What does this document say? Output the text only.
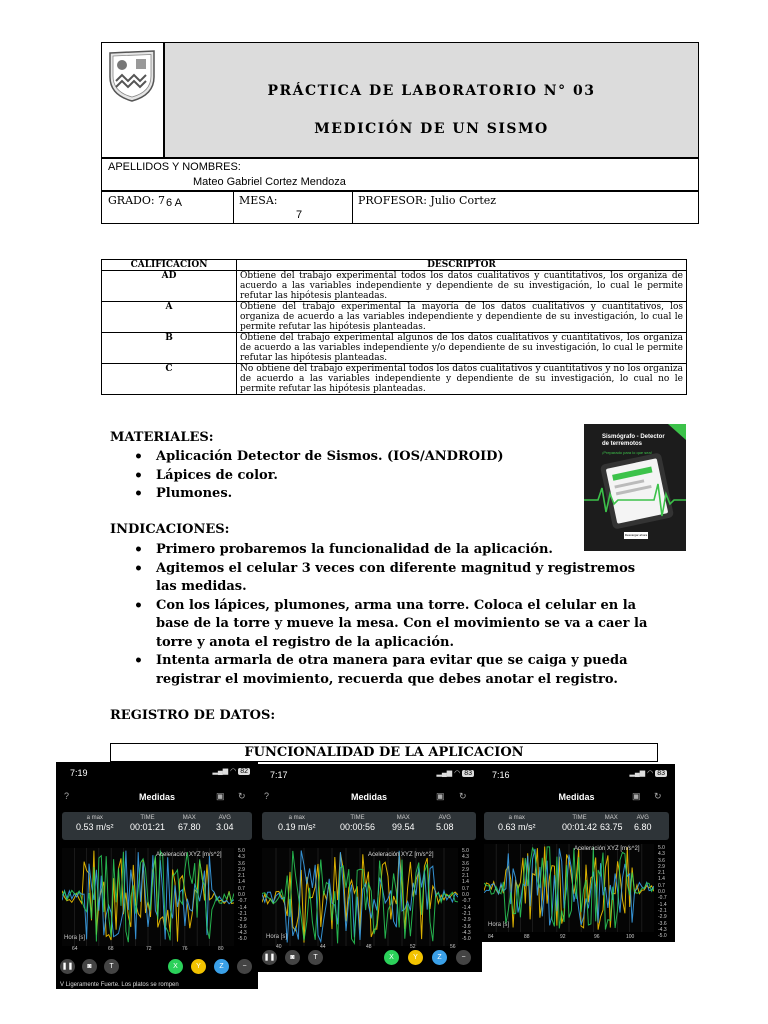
PRÁCTICA DE LABORATORIO N° 03
MEDICIÓN DE UN SISMO
APELLIDOS Y NOMBRES:
Mateo Gabriel Cortez Mendoza
GRADO: 7 6 A	MESA:
7
PROFESOR: Julio Cortez
CALIFICACION	DESCRIPTOR
AD	Obtiene del trabajo experimental todos los datos cualitativos y cuantitativos, los organiza de acuerdo a las variables independiente y dependiente de su investigación, lo cual le permite refutar las hipótesis planteadas.
A	Obtiene del trabajo experimental la mayoría de los datos cualitativos y cuantitativos, los organiza de acuerdo a las variables independiente y dependiente de su investigación, lo cual le permite refutar las hipótesis planteadas.
B	Obtiene del trabajo experimental algunos de los datos cualitativos y cuantitativos, los organiza de acuerdo a las variables independiente y/o dependiente de su investigación, lo cual le permite refutar las hipótesis planteadas.
C	No obtiene del trabajo experimental todos los datos cualitativos y cuantitativos y no los organiza de acuerdo a las variables independiente y dependiente de su investigación, lo cual no le permite refutar las hipótesis planteadas.
MATERIALES:
• Aplicación Detector de Sismos. (IOS/ANDROID)
• Lápices de color.
• Plumones.
Sismógrafo - Detector
de terremotos
¡Preparado para lo que sea!
Descargar ahora
INDICACIONES:
• Primero probaremos la funcionalidad de la aplicación.
• Agitemos el celular 3 veces con diferente magnitud y registremos las medidas.
• Con los lápices, plumones, arma una torre. Coloca el celular en la base de la torre y mueve la mesa. Con el movimiento se va a caer la torre y anota el registro de la aplicación.
• Intenta armarla de otra manera para evitar que se caiga y pueda registrar el movimiento, recuerda que debes anotar el registro.
REGISTRO DE DATOS:
FUNCIONALIDAD DE LA APLICACION
7:16	▂▄▆ ◠ 83
Medidas	▣ ↻
a max
0.63 m/s²
TIME
00:01:42
MAX
63.75
AVG
6.80
Aceleración XYZ [m/s^2]	5.0
4.3
3.6
2.9
2.1
1.4
0.7
0.0
-0.7
-1.4
-2.1
-2.9
-3.6
-4.3
-5.0
Hora [s]
84	88	92	96	100
7:17	▂▄▆ ◠ 83
?	Medidas	▣ ↻
a max
0.19 m/s²
TIME
00:00:56
MAX
99.54
AVG
5.08
Aceleración XYZ [m/s^2]
5.0
4.3
3.6
2.9
2.1
1.4
0.7
0.0
-0.7
-1.4
-2.1
-2.9
-3.6
-4.3
-5.0
Hora [s]
40	44	48	52	56
❚❚	◙	T	X	Y	Z	−
7:19	▂▄▆ ◠ 82
?	Medidas	▣ ↻
a max
0.53 m/s²
TIME
00:01:21
MAX
67.80
AVG
3.04
Aceleración XYZ [m/s^2]
5.0
4.3
3.6
2.9
2.1
1.4
0.7
0.0
-0.7
-1.4
-2.1
-2.9
-3.6
-4.3
-5.0
Hora [s]
64	68	72	76	80
❚❚	◙	T	X	Y	Z	−
V Ligeramente Fuerte. Los platos se rompen
